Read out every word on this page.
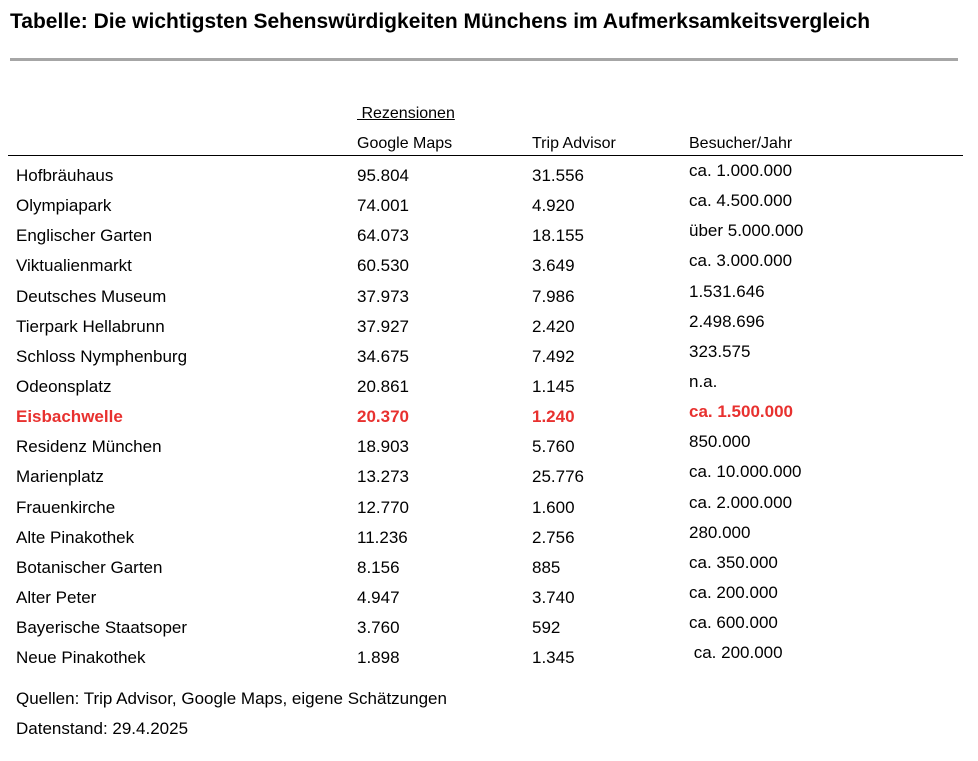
Tabelle: Die wichtigsten Sehenswürdigkeiten Münchens im Aufmerksamkeitsvergleich
Rezensionen
Google Maps	Trip Advisor	Besucher/Jahr
Hofbräuhaus	95.804	31.556	ca. 1.000.000
Olympiapark	74.001	4.920	ca. 4.500.000
Englischer Garten	64.073	18.155	über 5.000.000
Viktualienmarkt	60.530	3.649	ca. 3.000.000
Deutsches Museum	37.973	7.986	1.531.646
Tierpark Hellabrunn	37.927	2.420	2.498.696
Schloss Nymphenburg	34.675	7.492	323.575
Odeonsplatz	20.861	1.145	n.a.
Eisbachwelle	20.370	1.240	ca. 1.500.000
Residenz München	18.903	5.760	850.000
Marienplatz	13.273	25.776	ca. 10.000.000
Frauenkirche	12.770	1.600	ca. 2.000.000
Alte Pinakothek	11.236	2.756	280.000
Botanischer Garten	8.156	885	ca. 350.000
Alter Peter	4.947	3.740	ca. 200.000
Bayerische Staatsoper	3.760	592	ca. 600.000
Neue Pinakothek	1.898	1.345	ca. 200.000
Quellen: Trip Advisor, Google Maps, eigene Schätzungen
Datenstand: 29.4.2025
